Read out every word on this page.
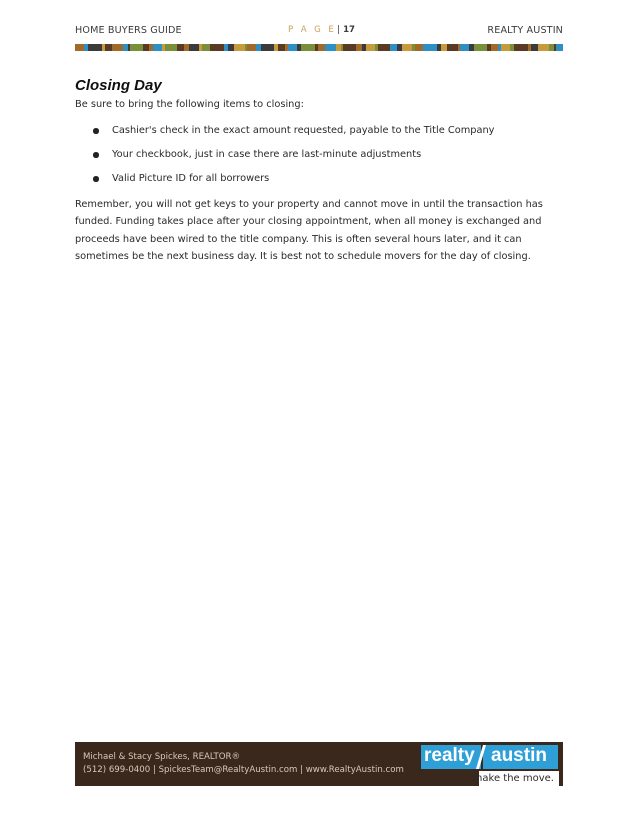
HOME BUYERS GUIDE	P A G E| 17	REALTY AUSTIN
Closing Day
Be sure to bring the following items to closing:
Cashier's check in the exact amount requested, payable to the Title Company
Your checkbook, just in case there are last-minute adjustments
Valid Picture ID for all borrowers
Remember, you will not get keys to your property and cannot move in until the transaction has funded. Funding takes place after your closing appointment, when all money is exchanged and proceeds have been wired to the title company. This is often several hours later, and it can sometimes be the next business day. It is best not to schedule movers for the day of closing.
Michael & Stacy Spickes, REALTOR®
(512) 699-0400 | SpickesTeam@RealtyAustin.com | www.RealtyAustin.com
realty austin
make the move.
